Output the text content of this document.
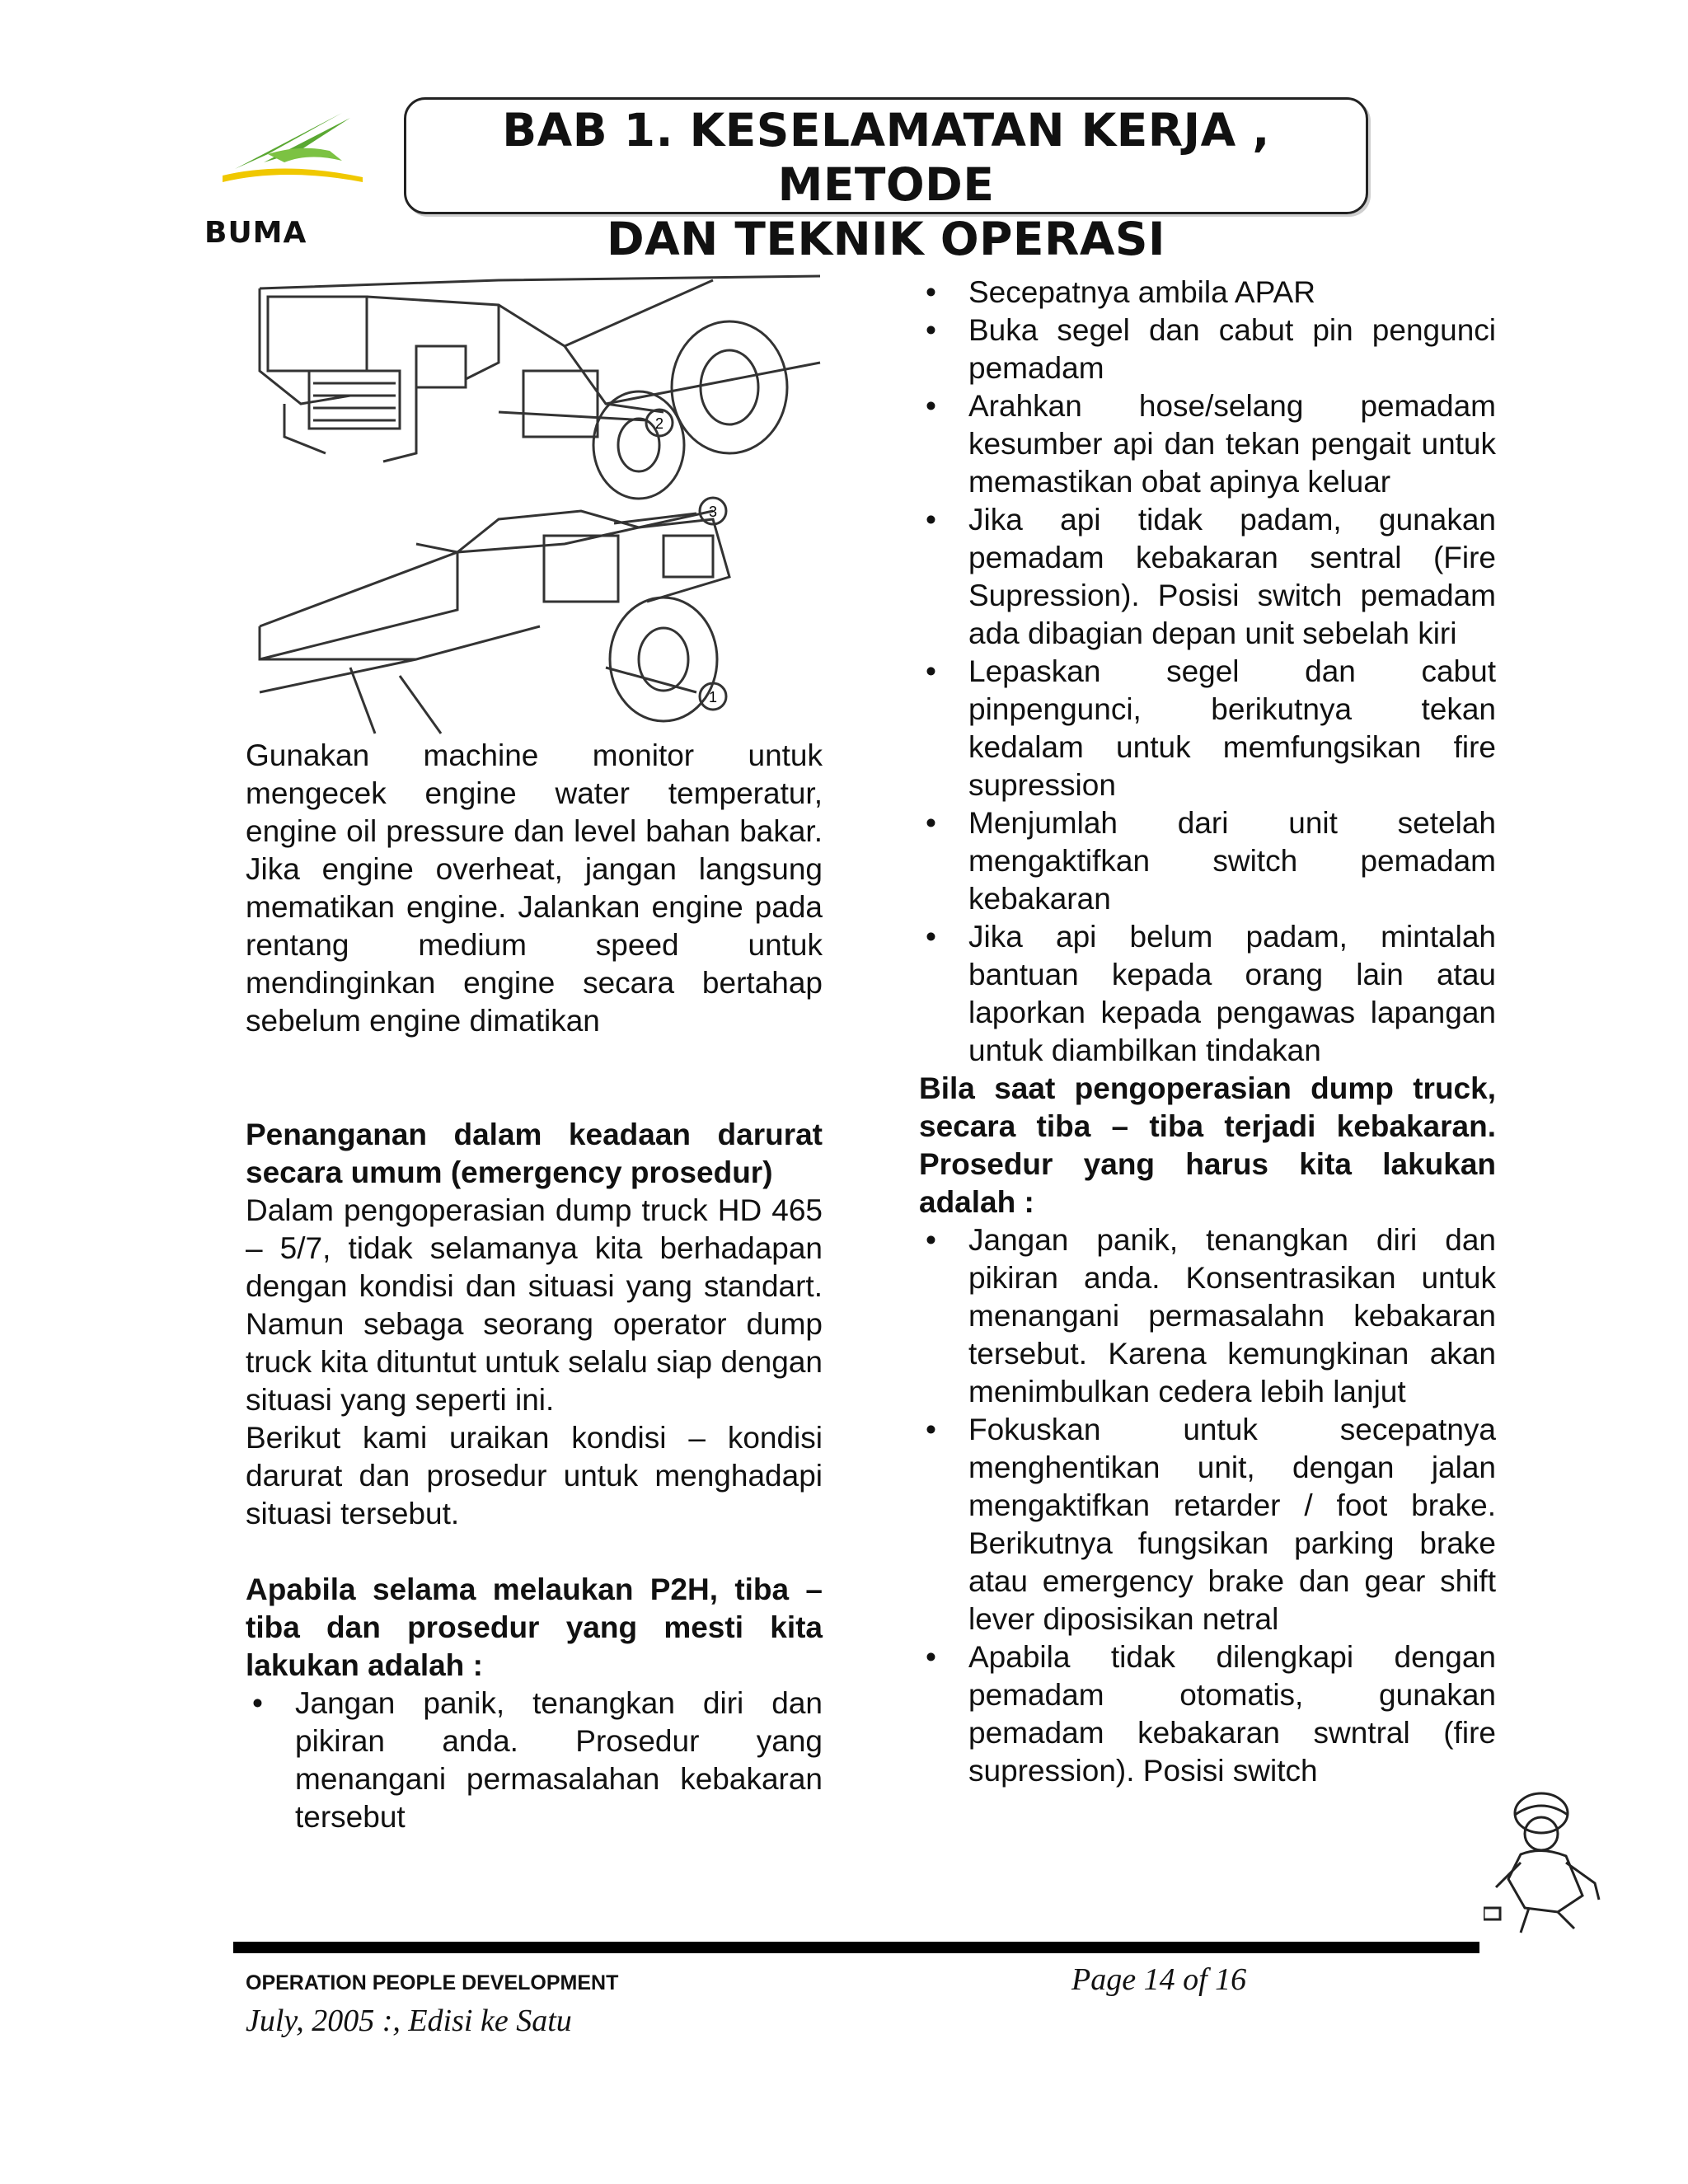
BUMA
BAB 1. KESELAMATAN KERJA , METODE
DAN TEKNIK OPERASI
2
3
1

Gunakan machine monitor untuk mengecek engine water temperatur, engine oil pressure dan level bahan bakar. Jika engine overheat, jangan langsung mematikan engine. Jalankan engine pada rentang medium speed untuk mendinginkan engine secara bertahap sebelum engine dimatikan

Penanganan dalam keadaan darurat secara umum (emergency prosedur)

Dalam pengoperasian dump truck HD 465 – 5/7, tidak selamanya kita berhadapan dengan kondisi dan situasi yang standart. Namun sebaga seorang operator dump truck kita dituntut untuk selalu siap dengan situasi yang seperti ini.

Berikut kami uraikan kondisi – kondisi darurat dan prosedur untuk menghadapi situasi tersebut.

Apabila selama melaukan P2H, tiba – tiba dan prosedur yang mesti kita lakukan adalah :

• Jangan panik, tenangkan diri dan pikiran anda. Prosedur yang menangani permasalahan kebakaran tersebut
• Secepatnya ambila APAR
• Buka segel dan cabut pin pengunci pemadam
• Arahkan hose/selang pemadam kesumber api dan tekan pengait untuk memastikan obat apinya keluar
• Jika api tidak padam, gunakan pemadam kebakaran sentral (Fire Supression). Posisi switch pemadam ada dibagian depan unit sebelah kiri
• Lepaskan segel dan cabut pinpengunci, berikutnya tekan kedalam untuk memfungsikan fire supression
• Menjumlah dari unit setelah mengaktifkan switch pemadam kebakaran
• Jika api belum padam, mintalah bantuan kepada orang lain atau laporkan kepada pengawas lapangan untuk diambilkan tindakan

Bila saat pengoperasian dump truck, secara tiba – tiba terjadi kebakaran. Prosedur yang harus kita lakukan adalah :

• Jangan panik, tenangkan diri dan pikiran anda. Konsentrasikan untuk menangani permasalahn kebakaran tersebut. Karena kemungkinan akan menimbulkan cedera lebih lanjut
• Fokuskan untuk secepatnya menghentikan unit, dengan jalan mengaktifkan retarder / foot brake. Berikutnya fungsikan parking brake atau emergency brake dan gear shift lever diposisikan netral
• Apabila tidak dilengkapi dengan pemadam otomatis, gunakan pemadam kebakaran swntral (fire supression). Posisi switch
OPERATION PEOPLE DEVELOPMENT	Page 14 of 16
July, 2005 :, Edisi ke Satu
